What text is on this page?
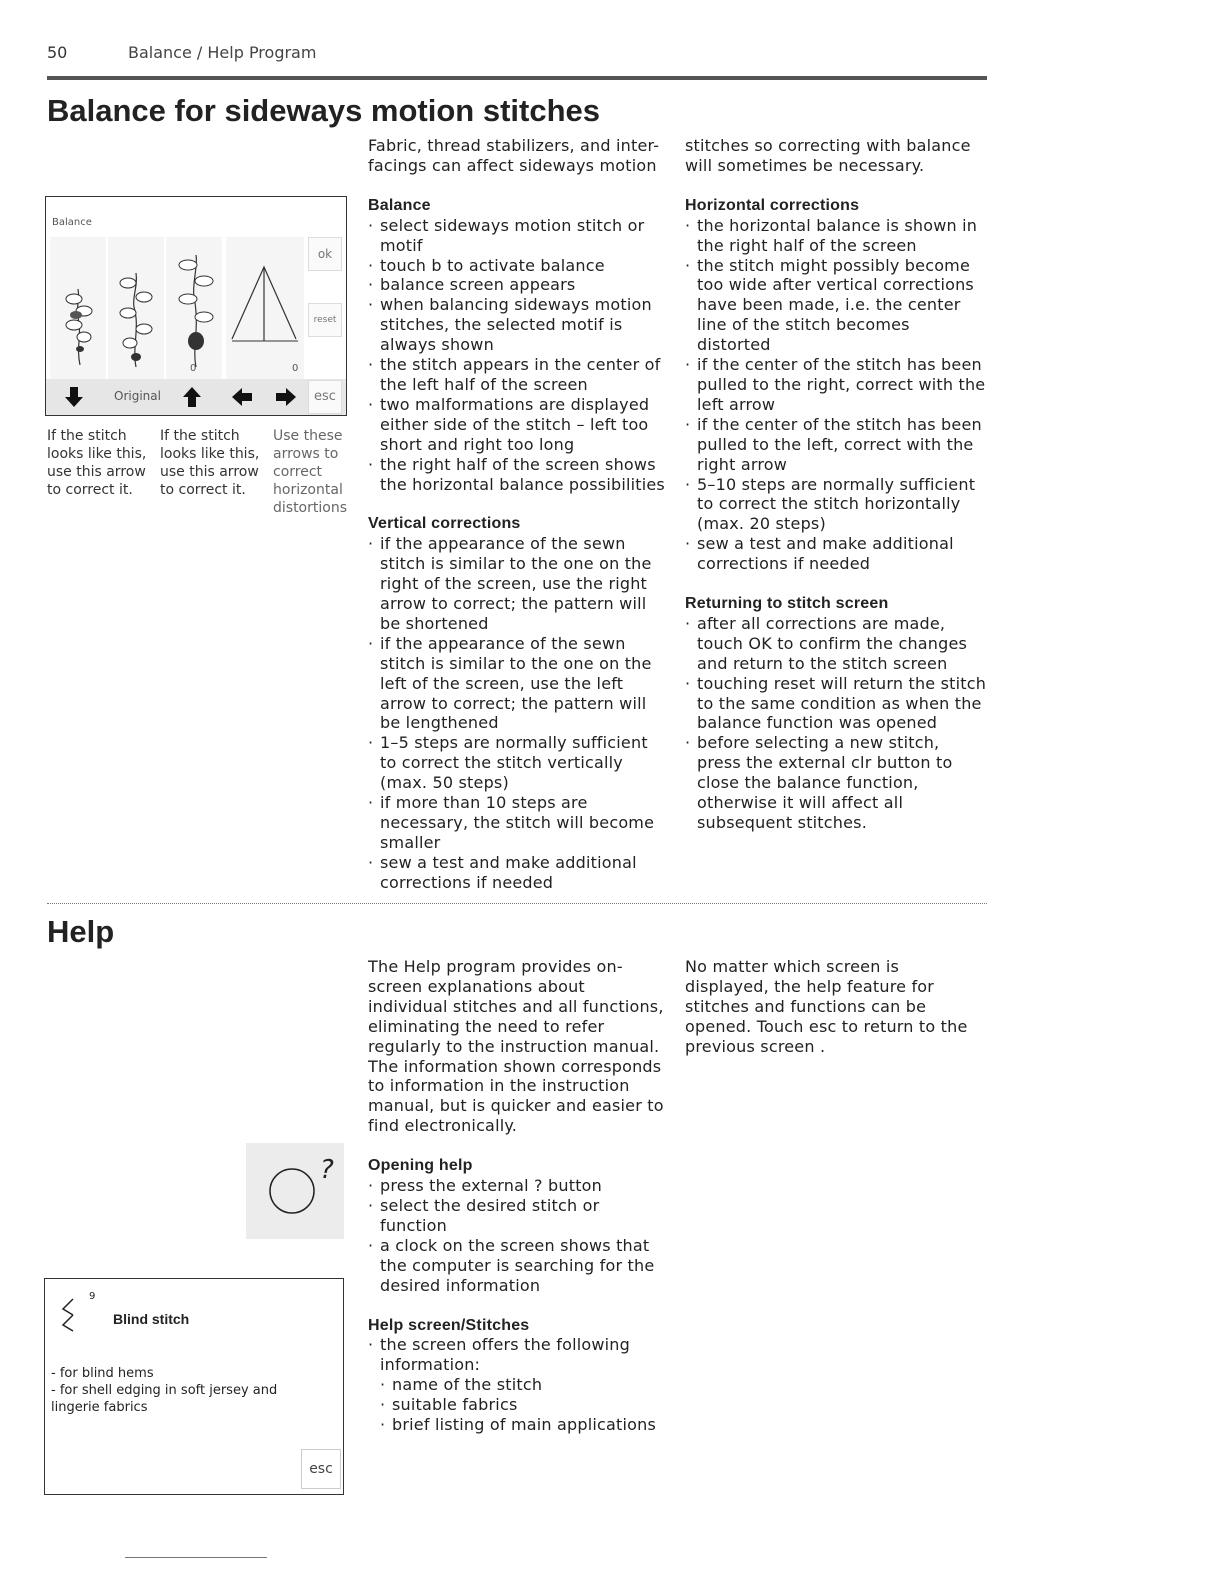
50	Balance / Help Program
Balance for sideways motion stitches
Balance
0	0
ok
reset
Original	esc
If the stitch looks like this, use this arrow to correct it.
If the stitch looks like this, use this arrow to correct it.
Use these arrows to correct horizontal distortions

Fabric, thread stabilizers, and inter-facings can affect sideways motion

Balance

· select sideways motion stitch or motif
· touch b to activate balance
· balance screen appears
· when balancing sideways motion stitches, the selected motif is always shown
· the stitch appears in the center of the left half of the screen
· two malformations are displayed either side of the stitch – left too short and right too long
· the right half of the screen shows the horizontal balance possibilities

Vertical corrections

· if the appearance of the sewn stitch is similar to the one on the right of the screen, use the right arrow to correct; the pattern will be shortened
· if the appearance of the sewn stitch is similar to the one on the left of the screen, use the left arrow to correct; the pattern will be lengthened
· 1–5 steps are normally sufficient to correct the stitch vertically (max. 50 steps)
· if more than 10 steps are necessary, the stitch will become smaller
· sew a test and make additional corrections if needed

stitches so correcting with balance will sometimes be necessary.

Horizontal corrections

· the horizontal balance is shown in the right half of the screen
· the stitch might possibly become too wide after vertical corrections have been made, i.e. the center line of the stitch becomes distorted
· if the center of the stitch has been pulled to the right, correct with the left arrow
· if the center of the stitch has been pulled to the left, correct with the right arrow
· 5–10 steps are normally sufficient to correct the stitch horizontally (max. 20 steps)
· sew a test and make additional corrections if needed

Returning to stitch screen

· after all corrections are made, touch OK to confirm the changes and return to the stitch screen
· touching reset will return the stitch to the same condition as when the balance function was opened
· before selecting a new stitch, press the external clr button to close the balance function, otherwise it will affect all subsequent stitches.
Help

The Help program provides on-screen explanations about individual stitches and all functions, eliminating the need to refer regularly to the instruction manual. The information shown corresponds to information in the instruction manual, but is quicker and easier to find electronically.

Opening help

· press the external ? button
· select the desired stitch or function
· a clock on the screen shows that the computer is searching for the desired information

Help screen/Stitches

· the screen offers the following information:
· name of the stitch
· suitable fabrics
· brief listing of main applications

No matter which screen is displayed, the help feature for stitches and functions can be opened. Touch esc to return to the previous screen .

?
9
Blind stitch
- for blind hems
- for shell edging in soft jersey and lingerie fabrics
esc
